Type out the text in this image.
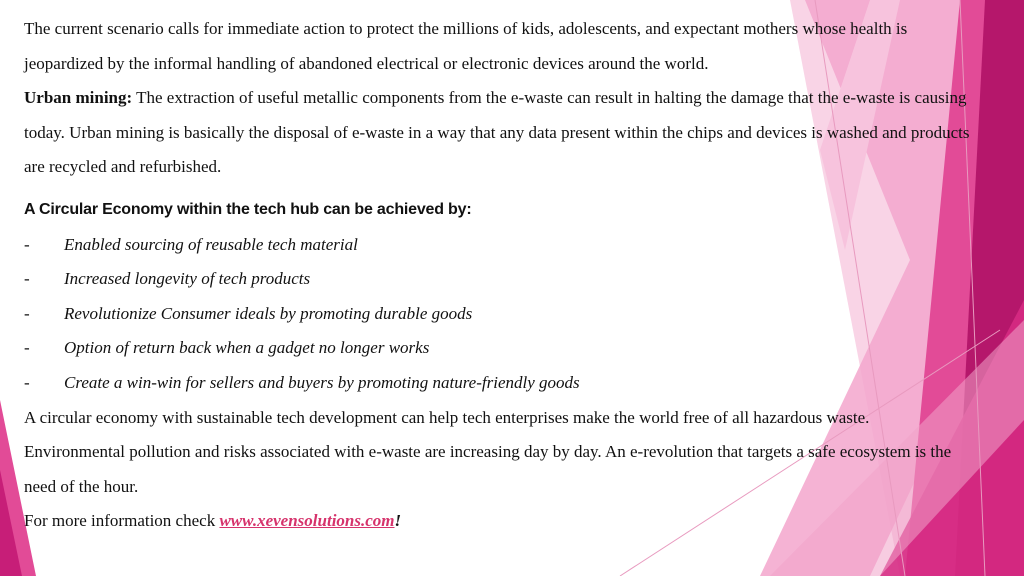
The current scenario calls for immediate action to protect the millions of kids, adolescents, and expectant mothers whose health is jeopardized by the informal handling of abandoned electrical or electronic devices around the world.

Urban mining: The extraction of useful metallic components from the e-waste can result in halting the damage that the e-waste is causing today. Urban mining is basically the disposal of e-waste in a way that any data present within the chips and devices is washed and products are recycled and refurbished.

A Circular Economy within the tech hub can be achieved by:
-	Enabled sourcing of reusable tech material
-	Increased longevity of tech products
-	Revolutionize Consumer ideals by promoting durable goods
-	Option of return back when a gadget no longer works
-	Create a win-win for sellers and buyers by promoting nature-friendly goods

A circular economy with sustainable tech development can help tech enterprises make the world free of all hazardous waste. Environmental pollution and risks associated with e-waste are increasing day by day. An e-revolution that targets a safe ecosystem is the need of the hour.

For more information check www.xevensolutions.com!
